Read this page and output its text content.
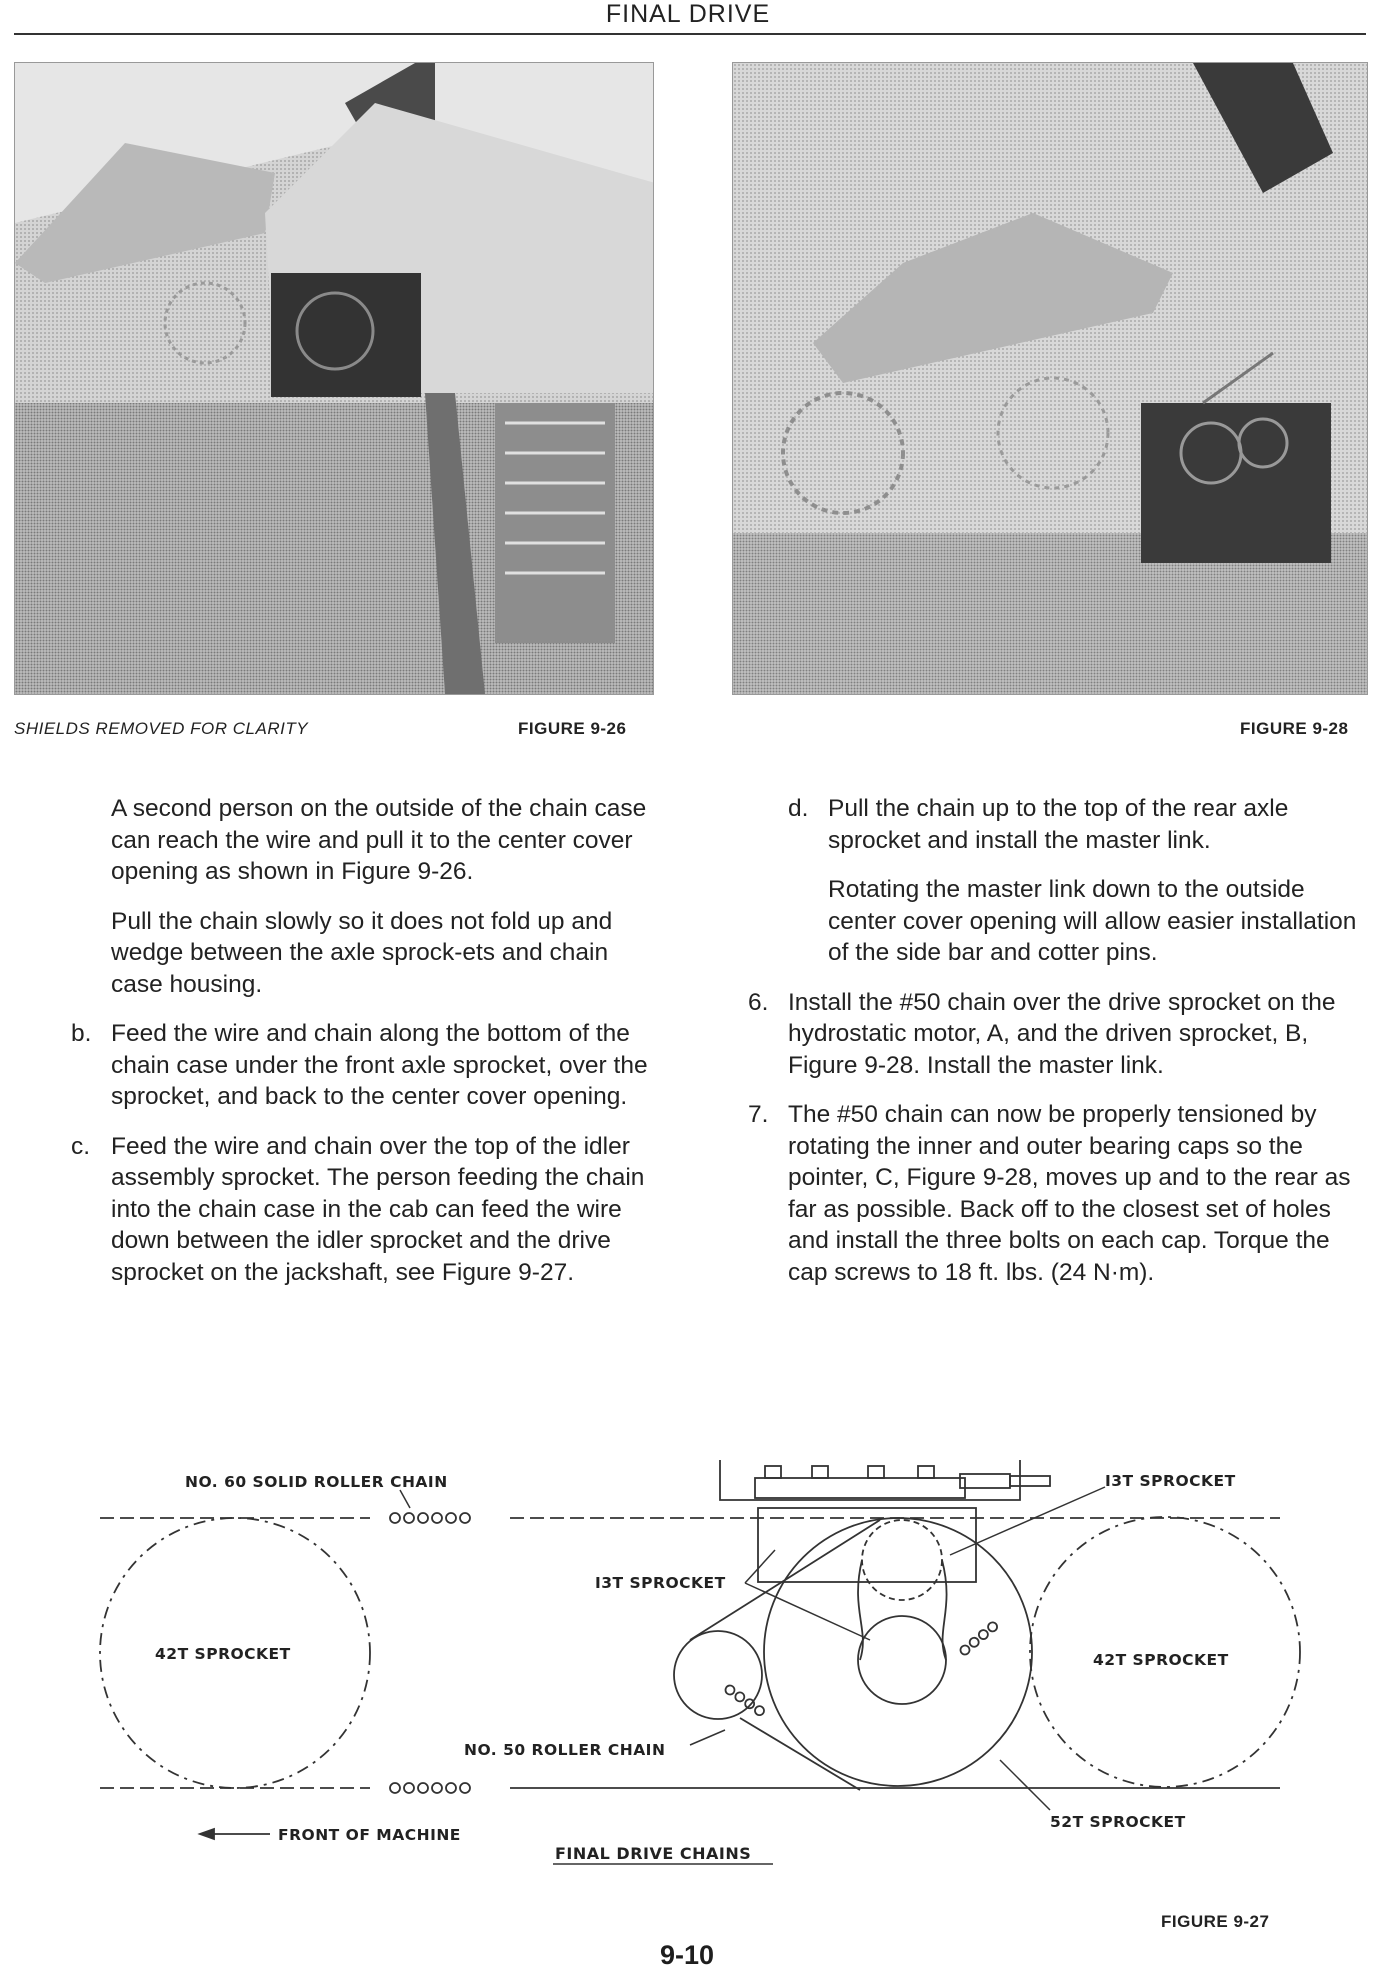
FINAL DRIVE
SHIELDS REMOVED FOR CLARITY	FIGURE 9-26	FIGURE 9-28

A second person on the outside of the chain case can reach the wire and pull it to the center cover opening as shown in Figure 9-26.

Pull the chain slowly so it does not fold up and wedge between the axle sprock-ets and chain case housing.

b. Feed the wire and chain along the bottom of the chain case under the front axle sprocket, over the sprocket, and back to the center cover opening.
c. Feed the wire and chain over the top of the idler assembly sprocket. The person feeding the chain into the chain case in the cab can feed the wire down between the idler sprocket and the drive sprocket on the jackshaft, see Figure 9-27.
d. Pull the chain up to the top of the rear axle sprocket and install the master link.

Rotating the master link down to the outside center cover opening will allow easier installation of the side bar and cotter pins.

6. Install the #50 chain over the drive sprocket on the hydrostatic motor, A, and the driven sprocket, B, Figure 9-28. Install the master link.
7. The #50 chain can now be properly tensioned by rotating the inner and outer bearing caps so the pointer, C, Figure 9-28, moves up and to the rear as far as possible. Back off to the closest set of holes and install the three bolts on each cap. Torque the cap screws to 18 ft. lbs. (24 N·m).
NO. 60 SOLID ROLLER CHAIN
42T SPROCKET
I3T SPROCKET
I3T SPROCKET
42T SPROCKET
NO. 50 ROLLER CHAIN
FRONT OF MACHINE
52T SPROCKET
FINAL DRIVE CHAINS
FIGURE 9-27
9-10
